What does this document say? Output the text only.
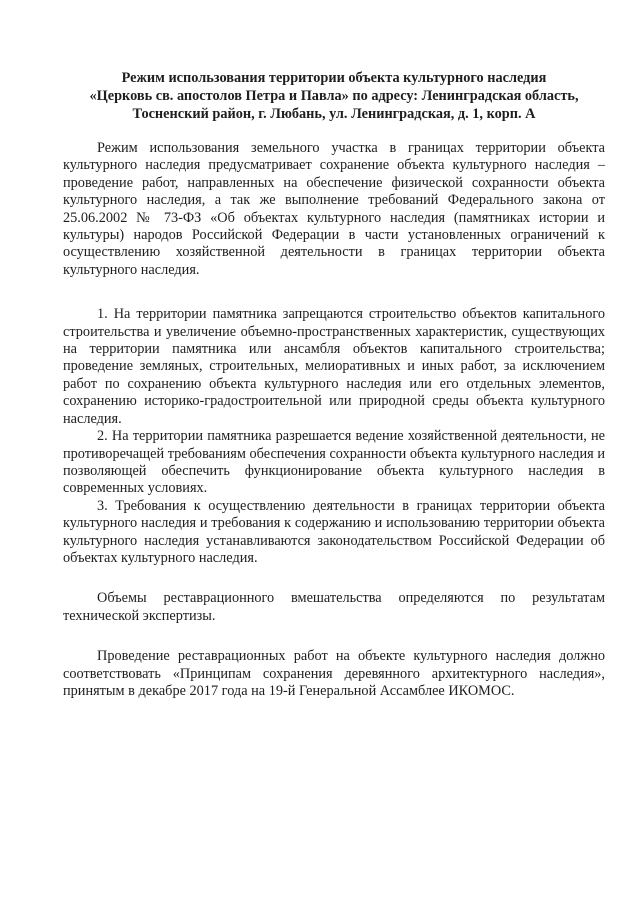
Режим использования территории объекта культурного наследия
«Церковь св. апостолов Петра и Павла» по адресу: Ленинградская область,
Тосненский район, г. Любань, ул. Ленинградская, д. 1, корп. А

Режим использования земельного участка в границах территории объекта культурного наследия предусматривает сохранение объекта культурного наследия – проведение работ, направленных на обеспечение физической сохранности объекта культурного наследия, а так же выполнение требований Федерального закона от 25.06.2002 № 73-ФЗ «Об объектах культурного наследия (памятниках истории и культуры) народов Российской Федерации в части установленных ограничений к осуществлению хозяйственной деятельности в границах территории объекта культурного наследия.

1. На территории памятника запрещаются строительство объектов капитального строительства и увеличение объемно-пространственных характеристик, существующих на территории памятника или ансамбля объектов капитального строительства; проведение земляных, строительных, мелиоративных и иных работ, за исключением работ по сохранению объекта культурного наследия или его отдельных элементов, сохранению историко-градостроительной или природной среды объекта культурного наследия.

2. На территории памятника разрешается ведение хозяйственной деятельности, не противоречащей требованиям обеспечения сохранности объекта культурного наследия и позволяющей обеспечить функционирование объекта культурного наследия в современных условиях.

3. Требования к осуществлению деятельности в границах территории объекта культурного наследия и требования к содержанию и использованию территории объекта культурного наследия устанавливаются законодательством Российской Федерации об объектах культурного наследия.

Объемы реставрационного вмешательства определяются по результатам технической экспертизы.

Проведение реставрационных работ на объекте культурного наследия должно соответствовать «Принципам сохранения деревянного архитектурного наследия», принятым в декабре 2017 года на 19-й Генеральной Ассамблее ИКОМОС.
